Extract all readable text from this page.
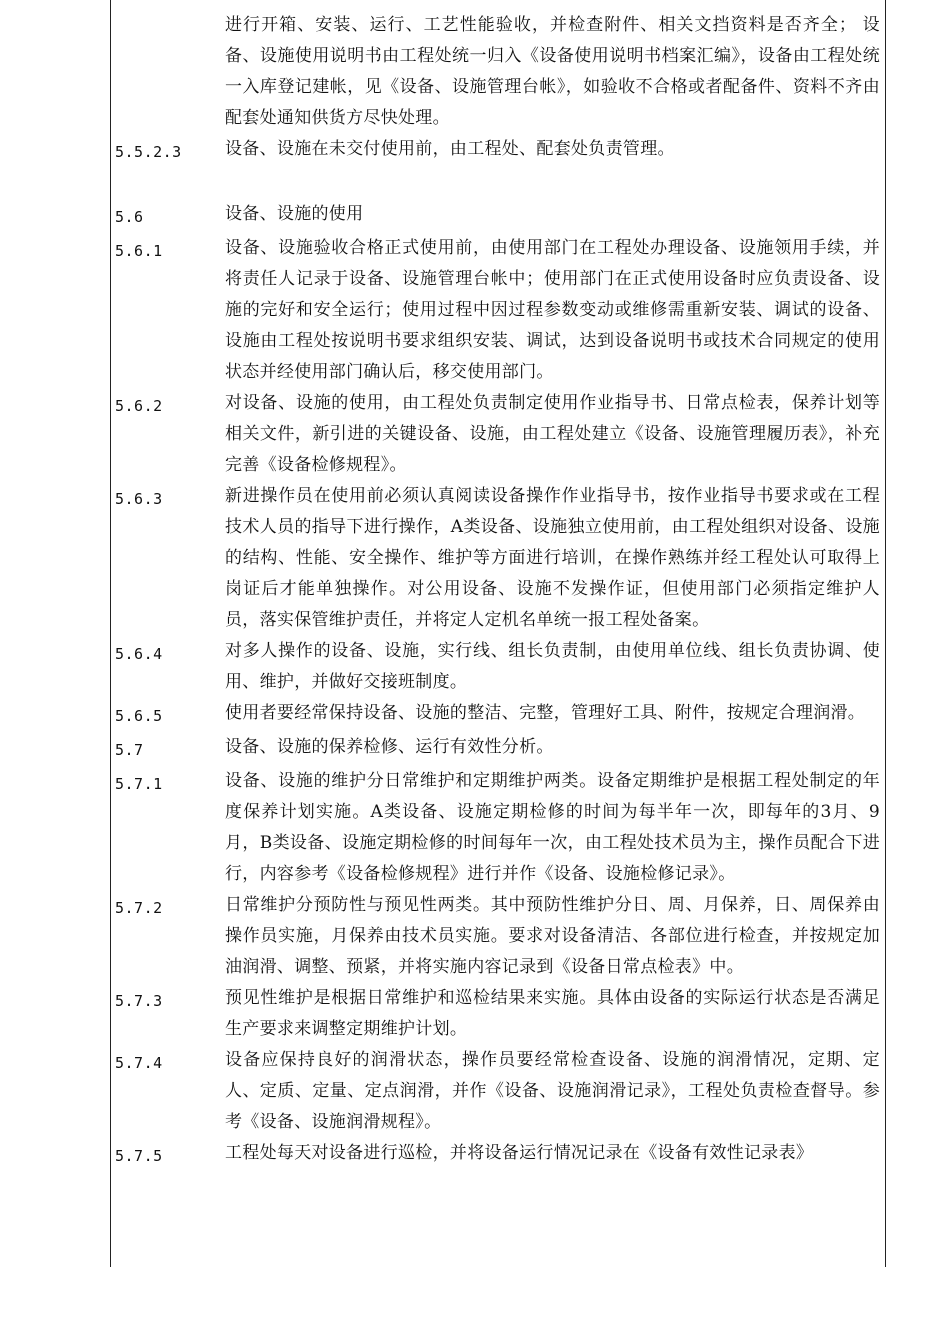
进行开箱、安装、运行、工艺性能验收，并检查附件、相关文挡资料是否齐全； 设备、设施使用说明书由工程处统一归入《设备使用说明书档案汇编》，设备由工程处统一入库登记建帐，见《设备、设施管理台帐》，如验收不合格或者配备件、资料不齐由配套处通知供货方尽快处理。
5.5.2.3	设备、设施在未交付使用前，由工程处、配套处负责管理。
5.6	设备、设施的使用
5.6.1	设备、设施验收合格正式使用前，由使用部门在工程处办理设备、设施领用手续，并将责任人记录于设备、设施管理台帐中；使用部门在正式使用设备时应负责设备、设施的完好和安全运行；使用过程中因过程参数变动或维修需重新安装、调试的设备、设施由工程处按说明书要求组织安装、调试，达到设备说明书或技术合同规定的使用状态并经使用部门确认后，移交使用部门。
5.6.2	对设备、设施的使用，由工程处负责制定使用作业指导书、日常点检表，保养计划等相关文件，新引进的关键设备、设施，由工程处建立《设备、设施管理履历表》，补充完善《设备检修规程》。
5.6.3	新进操作员在使用前必须认真阅读设备操作作业指导书，按作业指导书要求或在工程技术人员的指导下进行操作，A类设备、设施独立使用前，由工程处组织对设备、设施的结构、性能、安全操作、维护等方面进行培训，在操作熟练并经工程处认可取得上岗证后才能单独操作。对公用设备、设施不发操作证，但使用部门必须指定维护人员，落实保管维护责任，并将定人定机名单统一报工程处备案。
5.6.4	对多人操作的设备、设施，实行线、组长负责制，由使用单位线、组长负责协调、使用、维护，并做好交接班制度。
5.6.5	使用者要经常保持设备、设施的整洁、完整，管理好工具、附件，按规定合理润滑。
5.7	设备、设施的保养检修、运行有效性分析。
5.7.1	设备、设施的维护分日常维护和定期维护两类。设备定期维护是根据工程处制定的年度保养计划实施。A类设备、设施定期检修的时间为每半年一次，即每年的3月、9月，B类设备、设施定期检修的时间每年一次，由工程处技术员为主，操作员配合下进行，内容参考《设备检修规程》进行并作《设备、设施检修记录》。
5.7.2	日常维护分预防性与预见性两类。其中预防性维护分日、周、月保养，日、周保养由操作员实施，月保养由技术员实施。要求对设备清洁、各部位进行检查，并按规定加油润滑、调整、预紧，并将实施内容记录到《设备日常点检表》中。
5.7.3	预见性维护是根据日常维护和巡检结果来实施。具体由设备的实际运行状态是否满足生产要求来调整定期维护计划。
5.7.4	设备应保持良好的润滑状态，操作员要经常检查设备、设施的润滑情况，定期、定人、定质、定量、定点润滑，并作《设备、设施润滑记录》，工程处负责检查督导。参考《设备、设施润滑规程》。
5.7.5	工程处每天对设备进行巡检，并将设备运行情况记录在《设备有效性记录表》
